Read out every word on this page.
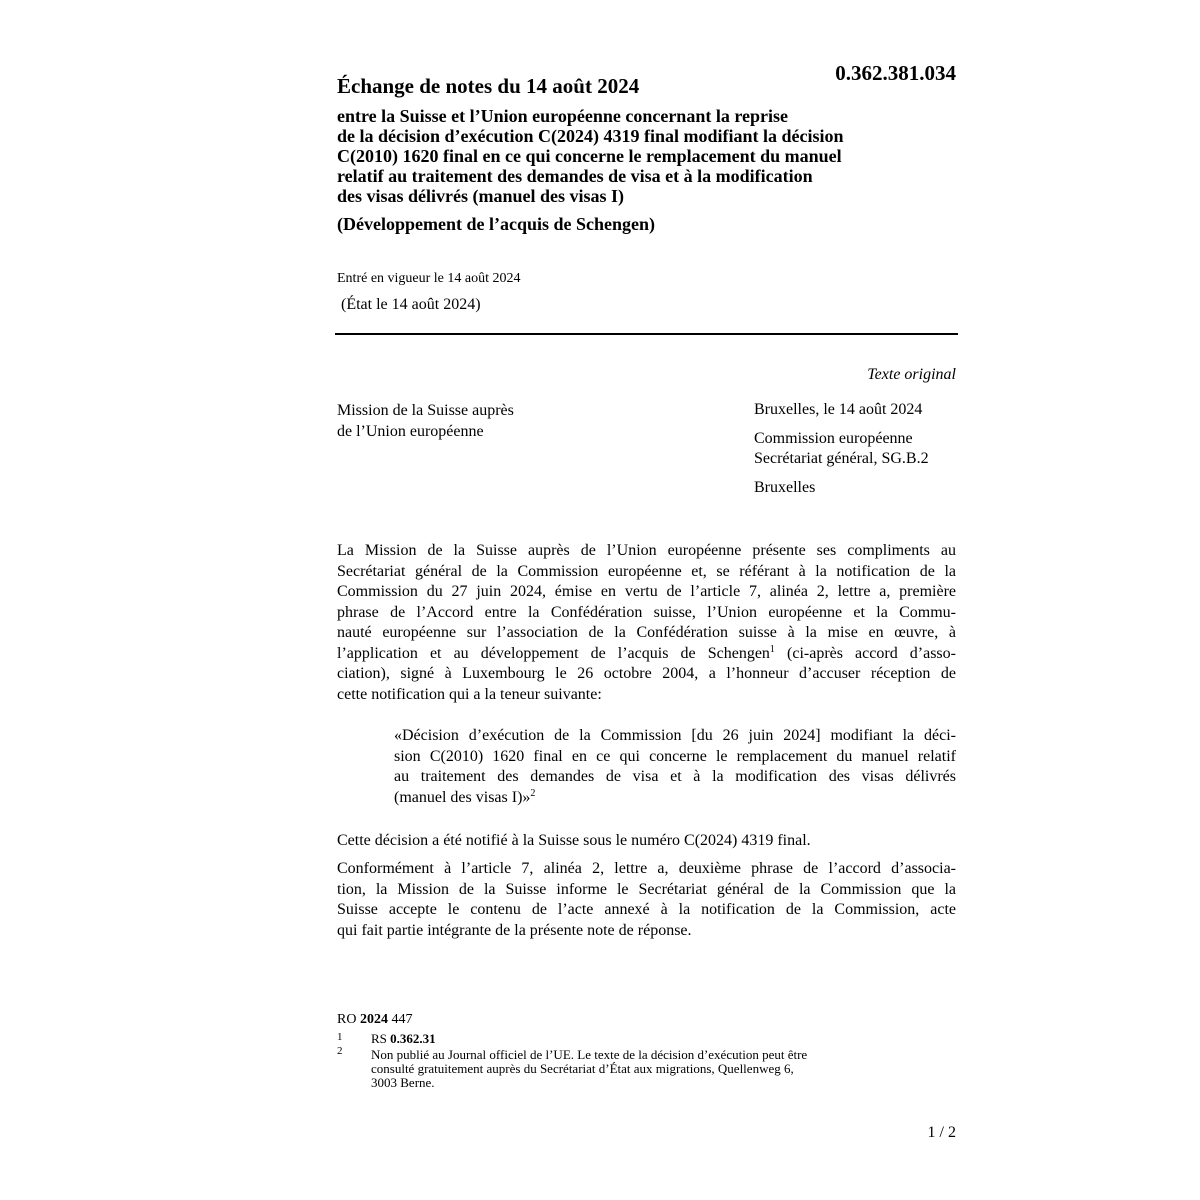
0.362.381.034
Échange de notes du 14 août 2024
entre la Suisse et l’Union européenne concernant la reprise
de la décision d’exécution C(2024) 4319 final modifiant la décision
C(2010) 1620 final en ce qui concerne le remplacement du manuel
relatif au traitement des demandes de visa et à la modification
des visas délivrés (manuel des visas I)
(Développement de l’acquis de Schengen)
Entré en vigueur le 14 août 2024
(État le 14 août 2024)
Texte original
Mission de la Suisse auprès
de l’Union européenne
Bruxelles, le 14 août 2024
Commission européenne
Secrétariat général, SG.B.2
Bruxelles
La Mission de la Suisse auprès de l’Union européenne présente ses compliments au
Secrétariat général de la Commission européenne et, se référant à la notification de la
Commission du 27 juin 2024, émise en vertu de l’article 7, alinéa 2, lettre a, première
phrase de l’Accord entre la Confédération suisse, l’Union européenne et la Commu-
nauté européenne sur l’association de la Confédération suisse à la mise en œuvre, à
l’application et au développement de l’acquis de Schengen$^1$ (ci-après accord d’asso-
ciation), signé à Luxembourg le 26 octobre 2004, a l’honneur d’accuser réception de
cette notification qui a la teneur suivante:
«Décision d’exécution de la Commission [du 26 juin 2024] modifiant la déci-
sion C(2010) 1620 final en ce qui concerne le remplacement du manuel relatif
au traitement des demandes de visa et à la modification des visas délivrés
(manuel des visas I)»$^2$
Cette décision a été notifié à la Suisse sous le numéro C(2024) 4319 final.
Conformément à l’article 7, alinéa 2, lettre a, deuxième phrase de l’accord d’associa-
tion, la Mission de la Suisse informe le Secrétariat général de la Commission que la
Suisse accepte le contenu de l’acte annexé à la notification de la Commission, acte
qui fait partie intégrante de la présente note de réponse.
RO 2024 447
1 RS 0.362.31
2 Non publié au Journal officiel de l’UE. Le texte de la décision d’exécution peut être
consulté gratuitement auprès du Secrétariat d’État aux migrations, Quellenweg 6,
3003 Berne.
1 / 2
